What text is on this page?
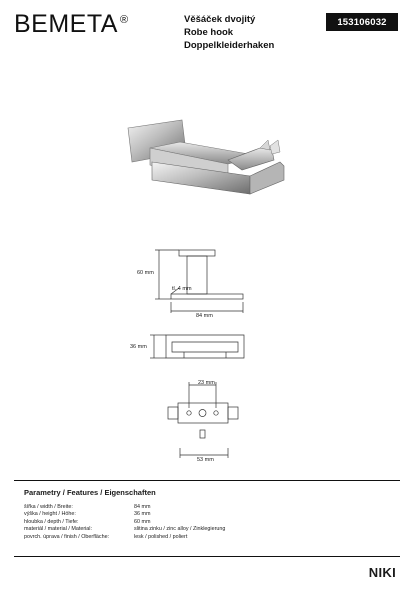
BEMETA ®	Věšáček dvojitý
Robe hook
Doppelkleiderhaken
153106032
60 mm
tl. 4 mm
84 mm
36 mm
23 mm
53 mm
Parametry / Features / Eigenschaften
šířka / width / Breite:	84 mm
výška / height / Höhe:	36 mm
hloubka / depth / Tiefe:	60 mm
materiál / material / Material:	slitina zinku / zinc alloy / Zinklegierung
povrch. úprava / finish / Oberfläche:	lesk / polished / poliert
NIKI
